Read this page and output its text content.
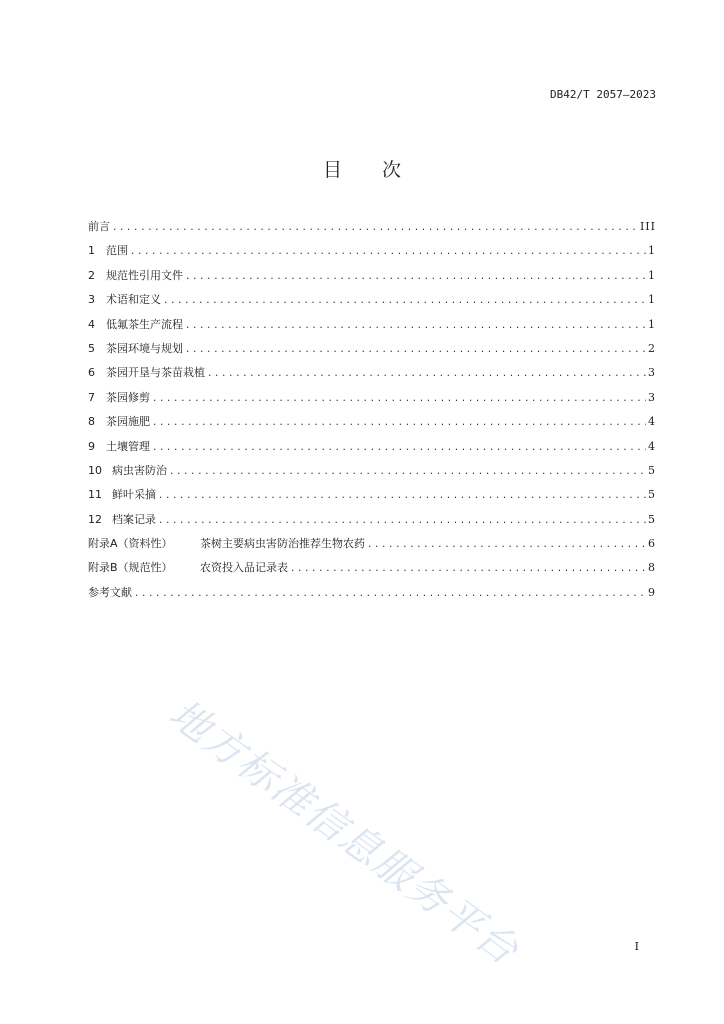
DB42/T 2057—2023
目 次
前言 .....	III
1	范围 .....	1
2	规范性引用文件 .....	1
3	术语和定义 .....	1
4	低氟茶生产流程 .....	1
5	茶园环境与规划 .....	2
6	茶园开垦与茶苗栽植 .....	3
7	茶园修剪 .....	3
8	茶园施肥 .....	4
9	土壤管理 .....	4
10 病虫害防治 .....	5
11 鲜叶采摘 .....	5
12 档案记录 .....	5
附录A（资料性）	茶树主要病虫害防治推荐生物农药 .....	6
附录B（规范性）	农资投入品记录表 .....	8
参考文献 .....	9
地方标准信息服务平台	I
